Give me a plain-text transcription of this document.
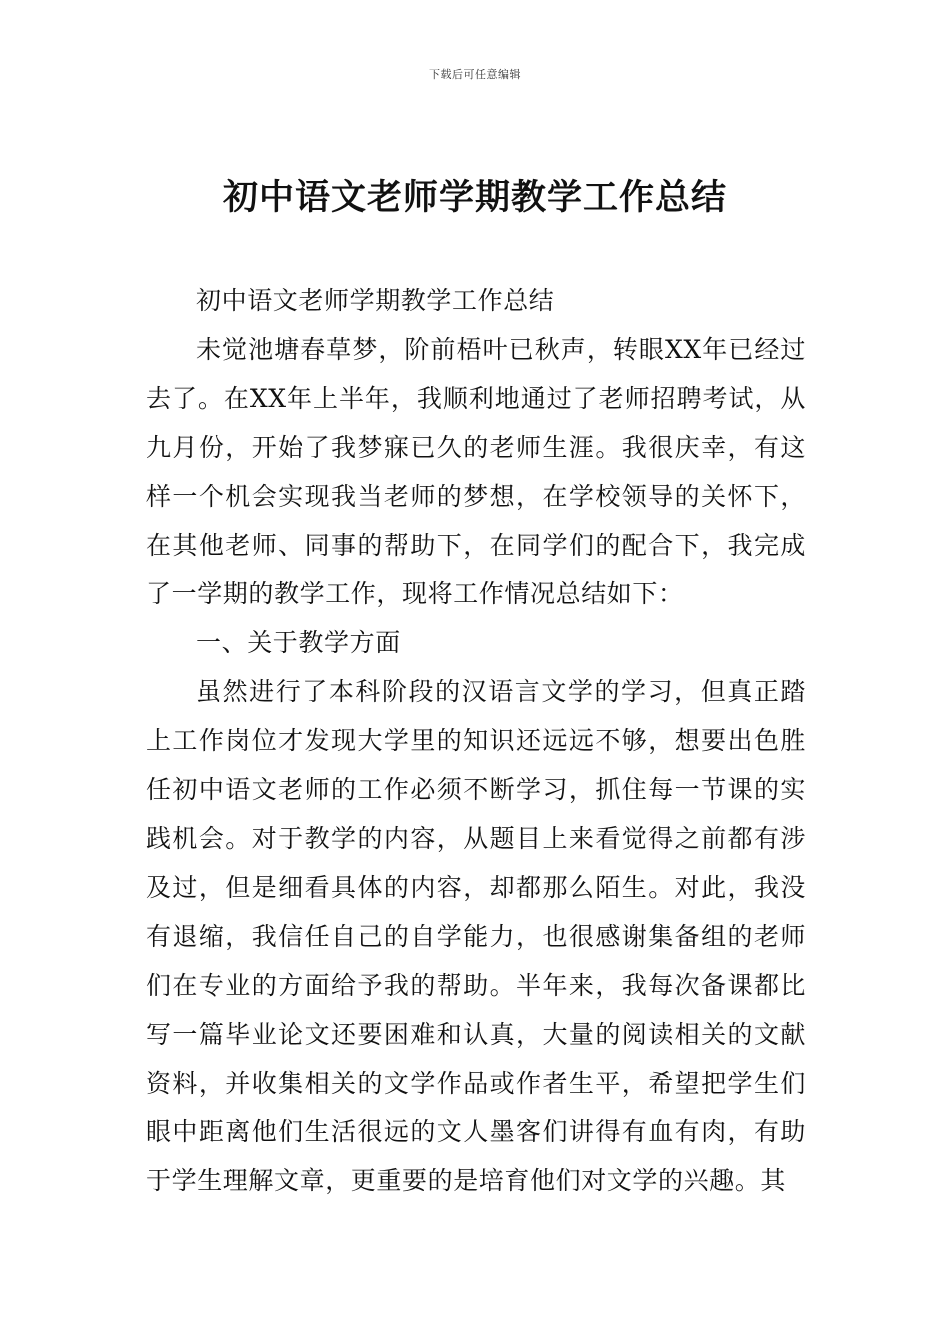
下载后可任意编辑
初中语文老师学期教学工作总结

初中语文老师学期教学工作总结

未觉池塘春草梦，阶前梧叶已秋声，转眼XX年已经过去了。在XX年上半年，我顺利地通过了老师招聘考试，从九月份，开始了我梦寐已久的老师生涯。我很庆幸，有这样一个机会实现我当老师的梦想，在学校领导的关怀下，在其他老师、同事的帮助下，在同学们的配合下，我完成了一学期的教学工作，现将工作情况总结如下：

一、关于教学方面

虽然进行了本科阶段的汉语言文学的学习，但真正踏上工作岗位才发现大学里的知识还远远不够，想要出色胜任初中语文老师的工作必须不断学习，抓住每一节课的实践机会。对于教学的内容，从题目上来看觉得之前都有涉及过，但是细看具体的内容，却都那么陌生。对此，我没有退缩，我信任自己的自学能力，也很感谢集备组的老师们在专业的方面给予我的帮助。半年来，我每次备课都比写一篇毕业论文还要困难和认真，大量的阅读相关的文献资料，并收集相关的文学作品或作者生平，希望把学生们眼中距离他们生活很远的文人墨客们讲得有血有肉，有助于学生理解文章，更重要的是培育他们对文学的兴趣。其
